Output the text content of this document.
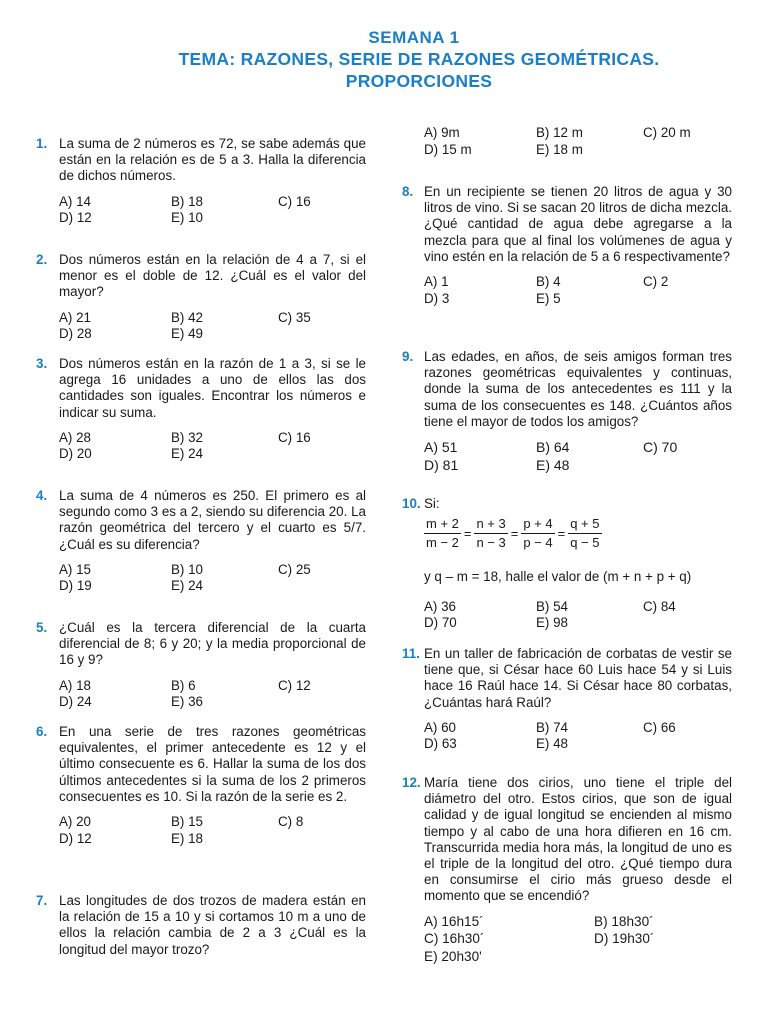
SEMANA 1
TEMA: RAZONES, SERIE DE RAZONES GEOMÉTRICAS.
PROPORCIONES
1. La suma de 2 números es 72, se sabe además que están en la relación es de 5 a 3. Halla la diferencia de dichos números.
A) 14	B) 18	C) 16
D) 12	E) 10
2. Dos números están en la relación de 4 a 7, si el menor es el doble de 12. ¿Cuál es el valor del mayor?
A) 21	B) 42	C) 35
D) 28	E) 49
3. Dos números están en la razón de 1 a 3, si se le agrega 16 unidades a uno de ellos las dos cantidades son iguales. Encontrar los números e indicar su suma.
A) 28	B) 32	C) 16
D) 20	E) 24
4. La suma de 4 números es 250. El primero es al segundo como 3 es a 2, siendo su diferencia 20. La razón geométrica del tercero y el cuarto es 5/7. ¿Cuál es su diferencia?
A) 15	B) 10	C) 25
D) 19	E) 24
5. ¿Cuál es la tercera diferencial de la cuarta diferencial de 8; 6 y 20; y la media proporcional de 16 y 9?
A) 18	B) 6	C) 12
D) 24	E) 36
6. En una serie de tres razones geométricas equivalentes, el primer antecedente es 12 y el último consecuente es 6. Hallar la suma de los dos últimos antecedentes si la suma de los 2 primeros consecuentes es 10. Si la razón de la serie es 2.
A) 20	B) 15	C) 8
D) 12	E) 18
7. Las longitudes de dos trozos de madera están en la relación de 15 a 10 y si cortamos 10 m a uno de ellos la relación cambia de 2 a 3 ¿Cuál es la longitud del mayor trozo?
A) 9m	B) 12 m	C) 20 m
D) 15 m	E) 18 m
8. En un recipiente se tienen 20 litros de agua y 30 litros de vino. Si se sacan 20 litros de dicha mezcla. ¿Qué cantidad de agua debe agregarse a la mezcla para que al final los volúmenes de agua y vino estén en la relación de 5 a 6 respectivamente?
A) 1	B) 4	C) 2
D) 3	E) 5
9. Las edades, en años, de seis amigos forman tres razones geométricas equivalentes y continuas, donde la suma de los antecedentes es 111 y la suma de los consecuentes es 148. ¿Cuántos años tiene el mayor de todos los amigos?
A) 51	B) 64	C) 70
D) 81	E) 48
10. Si:
$\frac{m + 2}{m - 2} = \frac{n + 3}{n - 3} = \frac{p + 4}{p - 4} = \frac{q + 5}{q - 5}$
y q – m = 18, halle el valor de (m + n + p + q)
A) 36	B) 54	C) 84
D) 70	E) 98
11. En un taller de fabricación de corbatas de vestir se tiene que, si César hace 60 Luis hace 54 y si Luis hace 16 Raúl hace 14. Si César hace 80 corbatas, ¿Cuántas hará Raúl?
A) 60	B) 74	C) 66
D) 63	E) 48
12. María tiene dos cirios, uno tiene el triple del diámetro del otro. Estos cirios, que son de igual calidad y de igual longitud se encienden al mismo tiempo y al cabo de una hora difieren en 16 cm. Transcurrida media hora más, la longitud de uno es el triple de la longitud del otro. ¿Qué tiempo dura en consumirse el cirio más grueso desde el momento que se encendió?
A) 16h15´	B) 18h30´
C) 16h30´	D) 19h30´
E) 20h30'
